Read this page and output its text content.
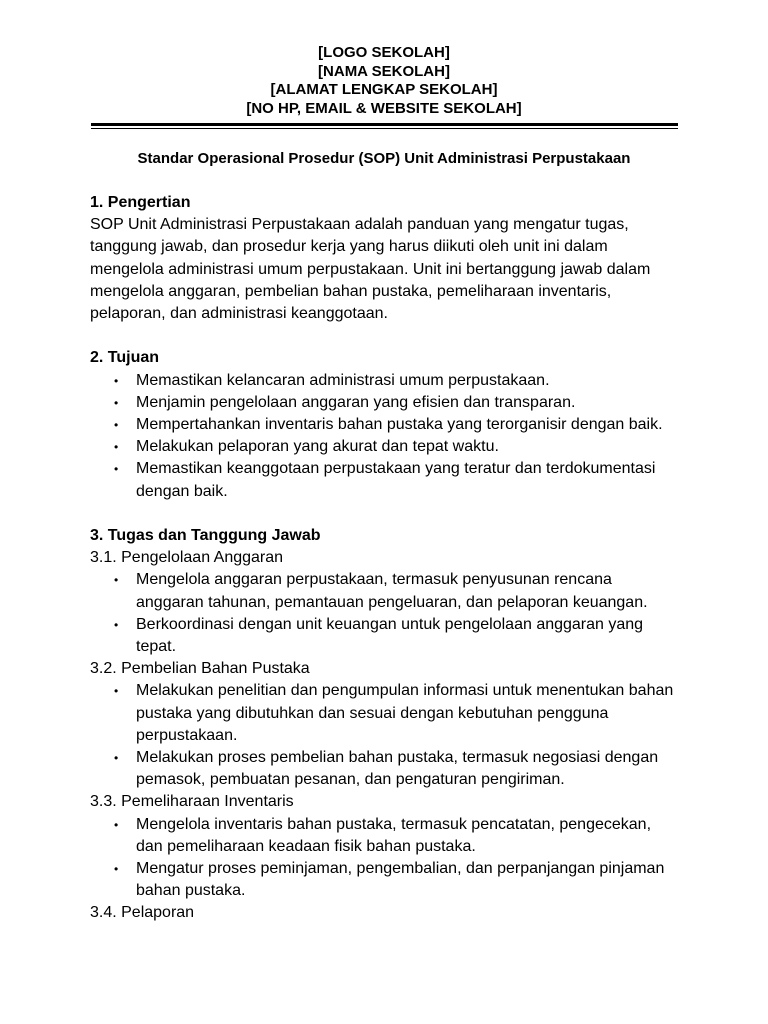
[LOGO SEKOLAH]
[NAMA SEKOLAH]
[ALAMAT LENGKAP SEKOLAH]
[NO HP, EMAIL & WEBSITE SEKOLAH]
Standar Operasional Prosedur (SOP) Unit Administrasi Perpustakaan

1. Pengertian

SOP Unit Administrasi Perpustakaan adalah panduan yang mengatur tugas, tanggung jawab, dan prosedur kerja yang harus diikuti oleh unit ini dalam mengelola administrasi umum perpustakaan. Unit ini bertanggung jawab dalam mengelola anggaran, pembelian bahan pustaka, pemeliharaan inventaris, pelaporan, dan administrasi keanggotaan.

2. Tujuan

• Memastikan kelancaran administrasi umum perpustakaan.
• Menjamin pengelolaan anggaran yang efisien dan transparan.
• Mempertahankan inventaris bahan pustaka yang terorganisir dengan baik.
• Melakukan pelaporan yang akurat dan tepat waktu.
• Memastikan keanggotaan perpustakaan yang teratur dan terdokumentasi dengan baik.

3. Tugas dan Tanggung Jawab

3.1. Pengelolaan Anggaran

• Mengelola anggaran perpustakaan, termasuk penyusunan rencana anggaran tahunan, pemantauan pengeluaran, dan pelaporan keuangan.
• Berkoordinasi dengan unit keuangan untuk pengelolaan anggaran yang tepat.

3.2. Pembelian Bahan Pustaka

• Melakukan penelitian dan pengumpulan informasi untuk menentukan bahan pustaka yang dibutuhkan dan sesuai dengan kebutuhan pengguna perpustakaan.
• Melakukan proses pembelian bahan pustaka, termasuk negosiasi dengan pemasok, pembuatan pesanan, dan pengaturan pengiriman.

3.3. Pemeliharaan Inventaris

• Mengelola inventaris bahan pustaka, termasuk pencatatan, pengecekan, dan pemeliharaan keadaan fisik bahan pustaka.
• Mengatur proses peminjaman, pengembalian, dan perpanjangan pinjaman bahan pustaka.

3.4. Pelaporan
